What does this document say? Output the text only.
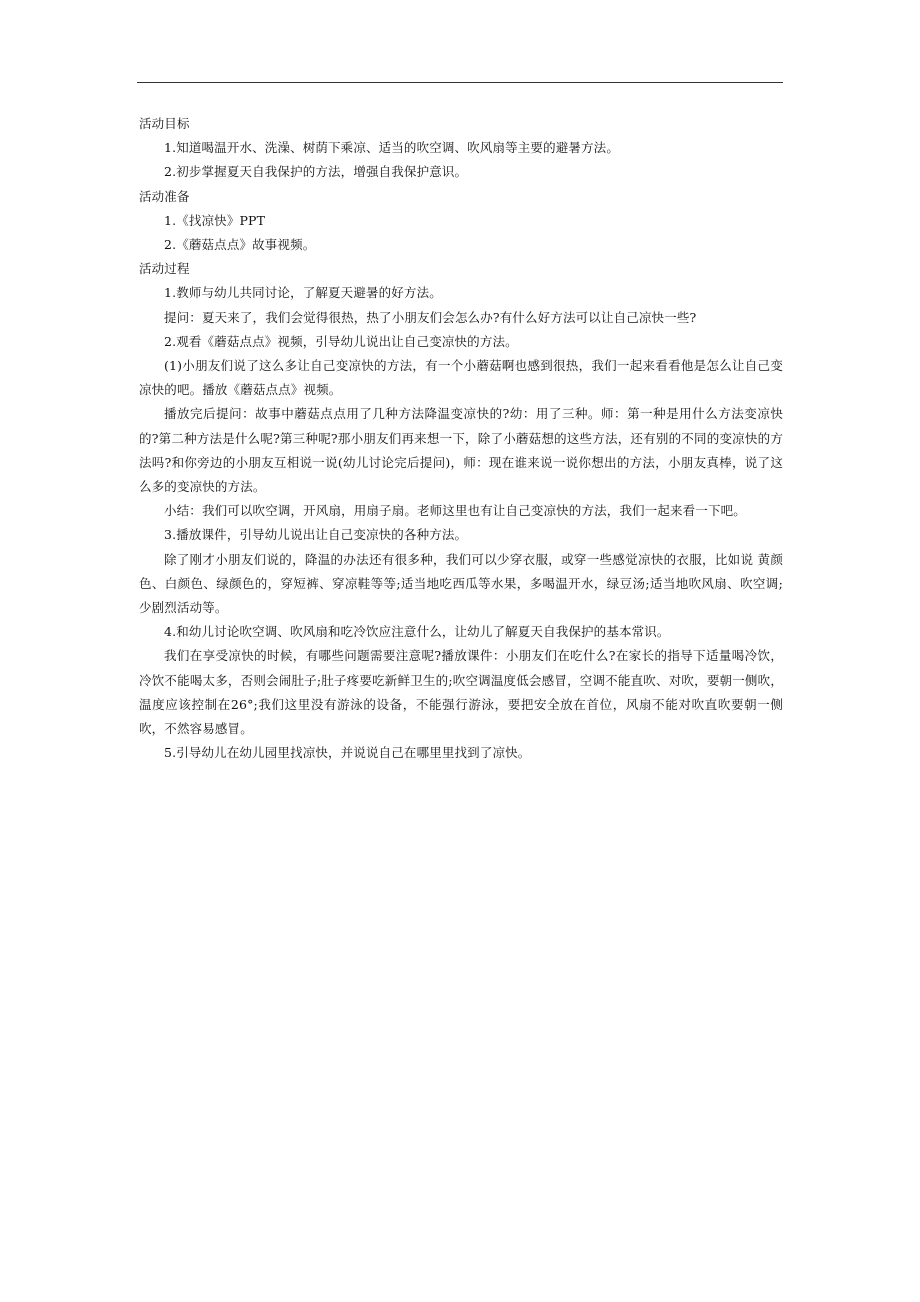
活动目标

1.知道喝温开水、洗澡、树荫下乘凉、适当的吹空调、吹风扇等主要的避暑方法。

2.初步掌握夏天自我保护的方法，增强自我保护意识。

活动准备

1.《找凉快》PPT

2.《蘑菇点点》故事视频。

活动过程

1.教师与幼儿共同讨论，了解夏天避暑的好方法。

提问：夏天来了，我们会觉得很热，热了小朋友们会怎么办?有什么好方法可以让自己凉快一些?

2.观看《蘑菇点点》视频，引导幼儿说出让自己变凉快的方法。

(1)小朋友们说了这么多让自己变凉快的方法，有一个小蘑菇啊也感到很热，我们一起来看看他是怎么让自己变凉快的吧。播放《蘑菇点点》视频。

播放完后提问：故事中蘑菇点点用了几种方法降温变凉快的?幼：用了三种。师：第一种是用什么方法变凉快的?第二种方法是什么呢?第三种呢?那小朋友们再来想一下，除了小蘑菇想的这些方法，还有别的不同的变凉快的方法吗?和你旁边的小朋友互相说一说(幼儿讨论完后提问)，师：现在谁来说一说你想出的方法，小朋友真棒，说了这么多的变凉快的方法。

小结：我们可以吹空调，开风扇，用扇子扇。老师这里也有让自己变凉快的方法，我们一起来看一下吧。

3.播放课件，引导幼儿说出让自己变凉快的各种方法。

除了刚才小朋友们说的，降温的办法还有很多种，我们可以少穿衣服，或穿一些感觉凉快的衣服，比如说 黄颜色、白颜色、绿颜色的，穿短裤、穿凉鞋等等;适当地吃西瓜等水果，多喝温开水，绿豆汤;适当地吹风扇、吹空调;少剧烈活动等。

4.和幼儿讨论吹空调、吹风扇和吃冷饮应注意什么，让幼儿了解夏天自我保护的基本常识。

我们在享受凉快的时候，有哪些问题需要注意呢?播放课件：小朋友们在吃什么?在家长的指导下适量喝冷饮，冷饮不能喝太多，否则会闹肚子;肚子疼要吃新鲜卫生的;吹空调温度低会感冒，空调不能直吹、对吹，要朝一侧吹，温度应该控制在26°;我们这里没有游泳的设备，不能强行游泳，要把安全放在首位，风扇不能对吹直吹要朝一侧吹，不然容易感冒。

5.引导幼儿在幼儿园里找凉快，并说说自己在哪里里找到了凉快。
